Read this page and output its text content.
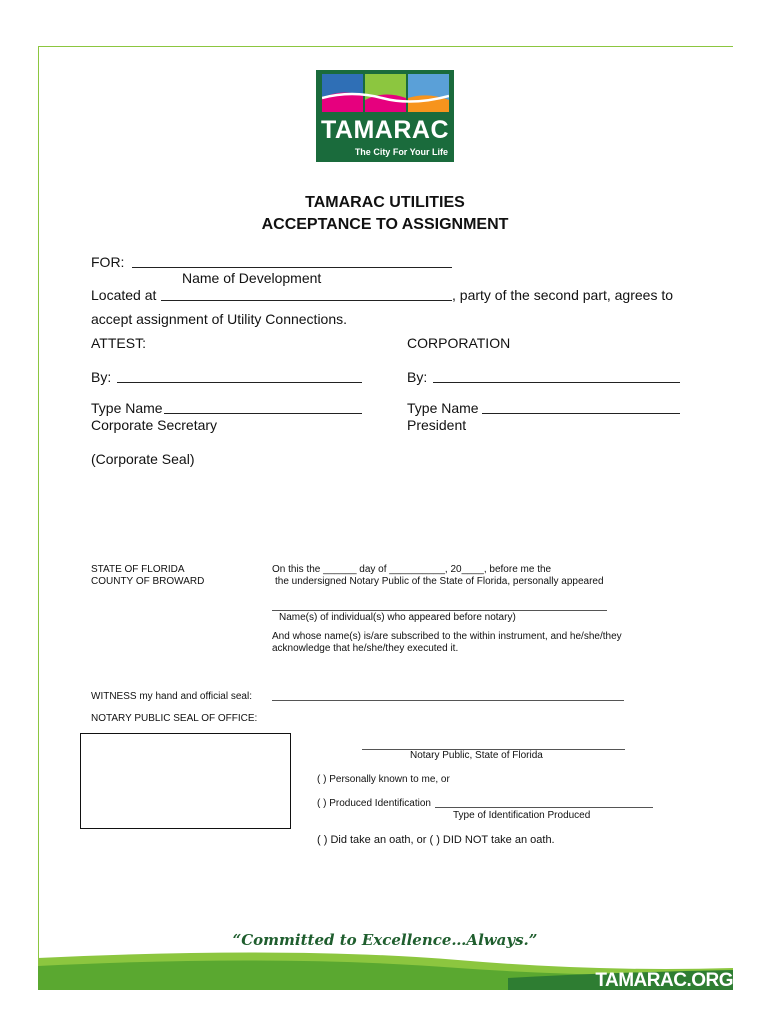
TAMARAC
The City For Your Life
TAMARAC UTILITIES
ACCEPTANCE TO ASSIGNMENT
FOR:
Name of Development
Located at	, party of the second part, agrees to
accept assignment of Utility Connections.
ATTEST:	CORPORATION
By:	By:
Type Name	Type Name
Corporate Secretary	President
(Corporate Seal)
STATE OF FLORIDA
COUNTY OF BROWARD
On this the ______ day of __________, 20____, before me the
the undersigned Notary Public of the State of Florida, personally appeared
Name(s) of individual(s) who appeared before notary)
And whose name(s) is/are subscribed to the within instrument, and he/she/they
acknowledge that he/she/they executed it.
WITNESS my hand and official seal:
NOTARY PUBLIC SEAL OF OFFICE:
Notary Public, State of Florida
( ) Personally known to me, or
( ) Produced Identification
Type of Identification Produced
( ) Did take an oath, or ( ) DID NOT take an oath.
“Committed to Excellence…Always.”
TAMARAC.ORG
